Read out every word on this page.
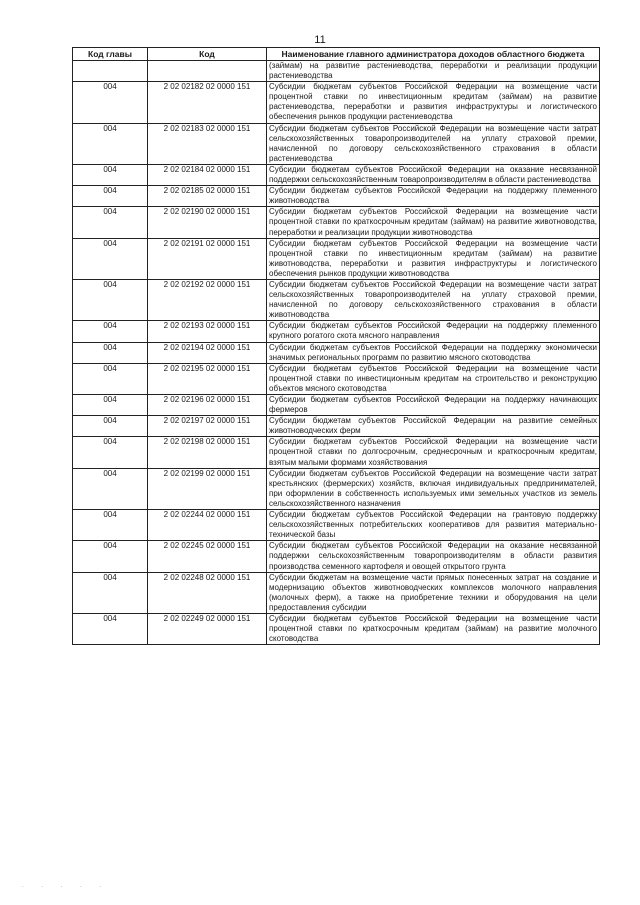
11
Код главы	Код	Наименование главного администратора доходов областного бюджета
		(займам) на развитие растениеводства, переработки и реализации продукции растениеводства
004	2 02 02182 02 0000 151	Субсидии бюджетам субъектов Российской Федерации на возмещение части процентной ставки по инвестиционным кредитам (займам) на развитие растениеводства, переработки и развития инфраструктуры и логистического обеспечения рынков продукции растениеводства
004	2 02 02183 02 0000 151	Субсидии бюджетам субъектов Российской Федерации на возмещение части затрат сельскохозяйственных товаропроизводителей на уплату страховой премии, начисленной по договору сельскохозяйственного страхования в области растениеводства
004	2 02 02184 02 0000 151	Субсидии бюджетам субъектов Российской Федерации на оказание несвязанной поддержки сельскохозяйственным товаропроизводителям в области растениеводства
004	2 02 02185 02 0000 151	Субсидии бюджетам субъектов Российской Федерации на поддержку племенного животноводства
004	2 02 02190 02 0000 151	Субсидии бюджетам субъектов Российской Федерации на возмещение части процентной ставки по краткосрочным кредитам (займам) на развитие животноводства, переработки и реализации продукции животноводства
004	2 02 02191 02 0000 151	Субсидии бюджетам субъектов Российской Федерации на возмещение части процентной ставки по инвестиционным кредитам (займам) на развитие животноводства, переработки и развития инфраструктуры и логистического обеспечения рынков продукции животноводства
004	2 02 02192 02 0000 151	Субсидии бюджетам субъектов Российской Федерации на возмещение части затрат сельскохозяйственных товаропроизводителей на уплату страховой премии, начисленной по договору сельскохозяйственного страхования в области животноводства
004	2 02 02193 02 0000 151	Субсидии бюджетам субъектов Российской Федерации на поддержку племенного крупного рогатого скота мясного направления
004	2 02 02194 02 0000 151	Субсидии бюджетам субъектов Российской Федерации на поддержку экономически значимых региональных программ по развитию мясного скотоводства
004	2 02 02195 02 0000 151	Субсидии бюджетам субъектов Российской Федерации на возмещение части процентной ставки по инвестиционным кредитам на строительство и реконструкцию объектов мясного скотоводства
004	2 02 02196 02 0000 151	Субсидии бюджетам субъектов Российской Федерации на поддержку начинающих фермеров
004	2 02 02197 02 0000 151	Субсидии бюджетам субъектов Российской Федерации на развитие семейных животноводческих ферм
004	2 02 02198 02 0000 151	Субсидии бюджетам субъектов Российской Федерации на возмещение части процентной ставки по долгосрочным, среднесрочным и краткосрочным кредитам, взятым малыми формами хозяйствования
004	2 02 02199 02 0000 151	Субсидии бюджетам субъектов Российской Федерации на возмещение части затрат крестьянских (фермерских) хозяйств, включая индивидуальных предпринимателей, при оформлении в собственность используемых ими земельных участков из земель сельскохозяйственного назначения
004	2 02 02244 02 0000 151	Субсидии бюджетам субъектов Российской Федерации на грантовую поддержку сельскохозяйственных потребительских кооперативов для развития материально-технической базы
004	2 02 02245 02 0000 151	Субсидии бюджетам субъектов Российской Федерации на оказание несвязанной поддержки сельскохозяйственным товаропроизводителям в области развития производства семенного картофеля и овощей открытого грунта
004	2 02 02248 02 0000 151	Субсидии бюджетам на возмещение части прямых понесенных затрат на создание и модернизацию объектов животноводческих комплексов молочного направления (молочных ферм), а также на приобретение техники и оборудования на цели предоставления субсидии
004	2 02 02249 02 0000 151	Субсидии бюджетам субъектов Российской Федерации на возмещение части процентной ставки по краткосрочным кредитам (займам) на развитие молочного скотоводства
. . . . .
